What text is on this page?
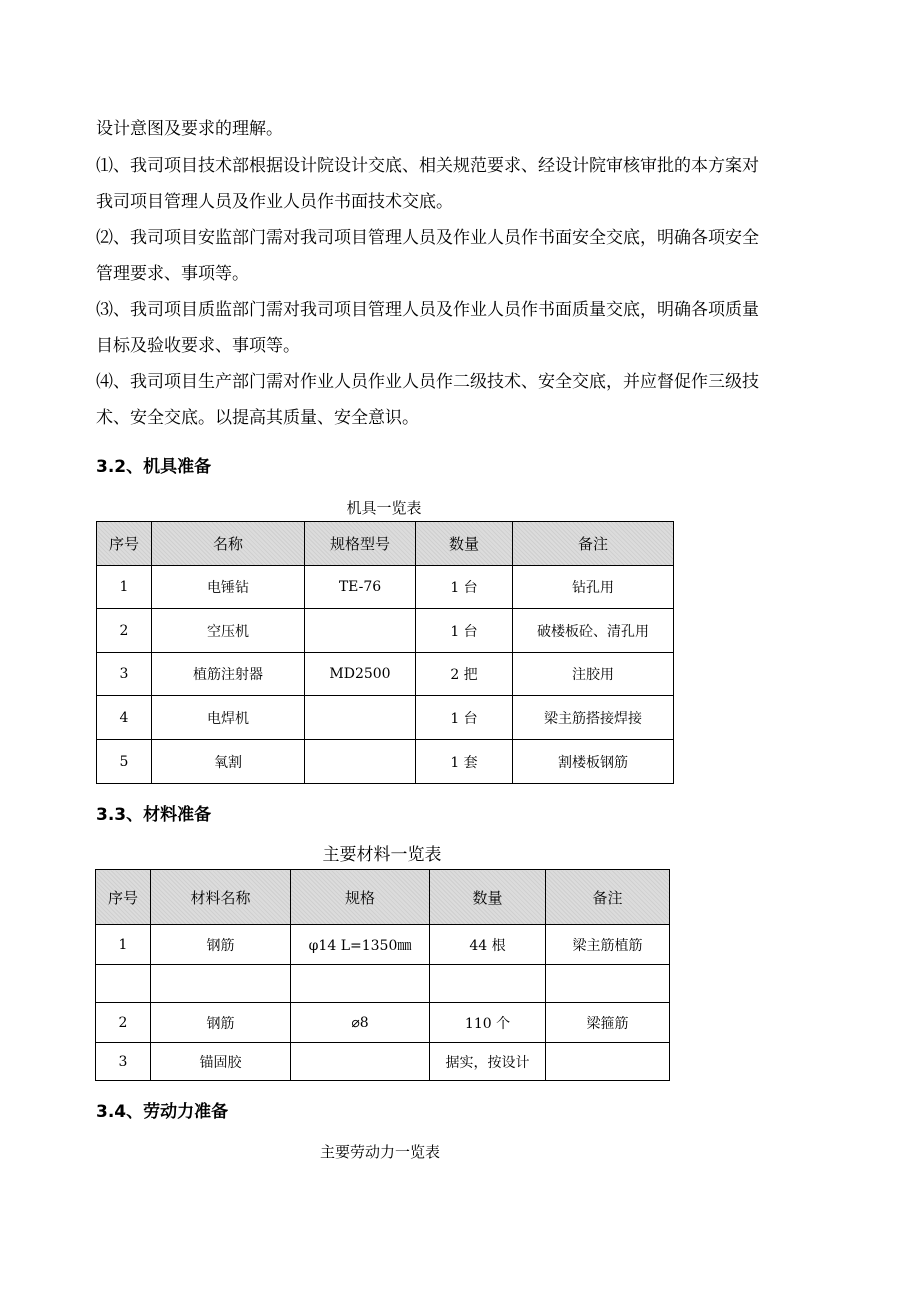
设计意图及要求的理解。
⑴、我司项目技术部根据设计院设计交底、相关规范要求、经设计院审核审批的本方案对
我司项目管理人员及作业人员作书面技术交底。
⑵、我司项目安监部门需对我司项目管理人员及作业人员作书面安全交底，明确各项安全
管理要求、事项等。
⑶、我司项目质监部门需对我司项目管理人员及作业人员作书面质量交底，明确各项质量
目标及验收要求、事项等。
⑷、我司项目生产部门需对作业人员作业人员作二级技术、安全交底，并应督促作三级技
术、安全交底。以提高其质量、安全意识。
3.2、机具准备
机具一览表
序号	名称	规格型号	数量	备注
1	电锤钻	TE-76	1 台	钻孔用
2	空压机		1 台	破楼板砼、清孔用
3	植筋注射器	MD2500	2 把	注胶用
4	电焊机		1 台	梁主筋搭接焊接
5	氧割		1 套	割楼板钢筋
3.3、材料准备
主要材料一览表
序号	材料名称	规格	数量	备注
1	钢筋	φ14 L=1350㎜	44 根	梁主筋植筋

2	钢筋	⌀8	110 个	梁箍筋
3	锚固胶		据实，按设计	
3.4、劳动力准备
主要劳动力一览表
